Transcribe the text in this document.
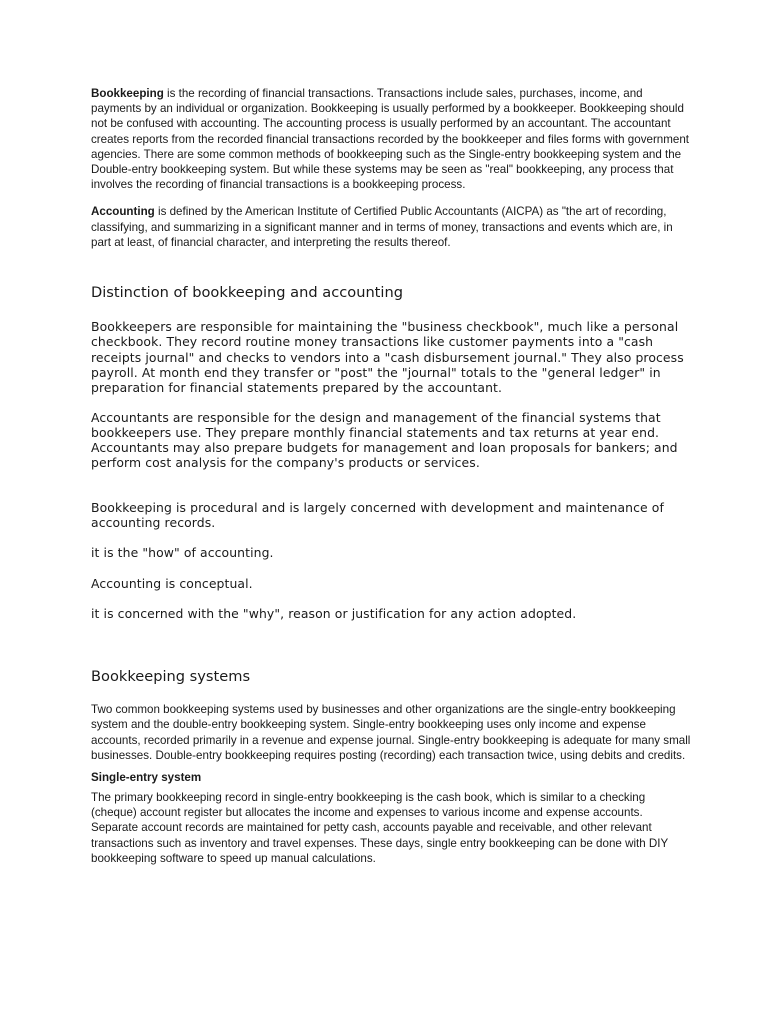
Bookkeeping is the recording of financial transactions. Transactions include sales, purchases, income, and payments by an individual or organization. Bookkeeping is usually performed by a bookkeeper. Bookkeeping should not be confused with accounting. The accounting process is usually performed by an accountant. The accountant creates reports from the recorded financial transactions recorded by the bookkeeper and files forms with government agencies. There are some common methods of bookkeeping such as the Single-entry bookkeeping system and the Double-entry bookkeeping system. But while these systems may be seen as "real" bookkeeping, any process that involves the recording of financial transactions is a bookkeeping process.

Accounting is defined by the American Institute of Certified Public Accountants (AICPA) as "the art of recording, classifying, and summarizing in a significant manner and in terms of money, transactions and events which are, in part at least, of financial character, and interpreting the results thereof.

Distinction of bookkeeping and accounting

Bookkeepers are responsible for maintaining the "business checkbook", much like a personal checkbook. They record routine money transactions like customer payments into a "cash receipts journal" and checks to vendors into a "cash disbursement journal." They also process payroll. At month end they transfer or "post" the "journal" totals to the "general ledger" in preparation for financial statements prepared by the accountant.

Accountants are responsible for the design and management of the financial systems that bookkeepers use. They prepare monthly financial statements and tax returns at year end. Accountants may also prepare budgets for management and loan proposals for bankers; and perform cost analysis for the company's products or services.

Bookkeeping is procedural and is largely concerned with development and maintenance of accounting records.

it is the "how" of accounting.

Accounting is conceptual.

it is concerned with the "why", reason or justification for any action adopted.

Bookkeeping systems

Two common bookkeeping systems used by businesses and other organizations are the single-entry bookkeeping system and the double-entry bookkeeping system. Single-entry bookkeeping uses only income and expense accounts, recorded primarily in a revenue and expense journal. Single-entry bookkeeping is adequate for many small businesses. Double-entry bookkeeping requires posting (recording) each transaction twice, using debits and credits.

Single-entry system

The primary bookkeeping record in single-entry bookkeeping is the cash book, which is similar to a checking (cheque) account register but allocates the income and expenses to various income and expense accounts. Separate account records are maintained for petty cash, accounts payable and receivable, and other relevant transactions such as inventory and travel expenses. These days, single entry bookkeeping can be done with DIY bookkeeping software to speed up manual calculations.
